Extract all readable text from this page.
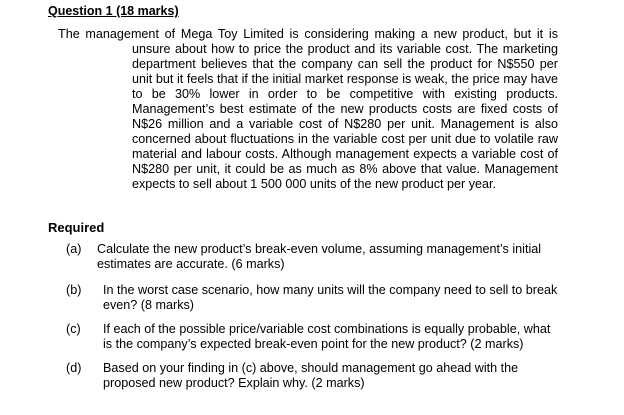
Question 1 (18 marks)
The management of Mega Toy Limited is considering making a new product, but it is
unsure about how to price the product and its variable cost. The marketing
department believes that the company can sell the product for N$550 per
unit but it feels that if the initial market response is weak, the price may have
to be 30% lower in order to be competitive with existing products.
Management’s best estimate of the new products costs are fixed costs of
N$26 million and a variable cost of N$280 per unit. Management is also
concerned about fluctuations in the variable cost per unit due to volatile raw
material and labour costs. Although management expects a variable cost of
N$280 per unit, it could be as much as 8% above that value. Management
expects to sell about 1 500 000 units of the new product per year.
Required
(a) Calculate the new product’s break-even volume, assuming management’s initial
estimates are accurate. (6 marks)
(b) In the worst case scenario, how many units will the company need to sell to break
even? (8 marks)
(c) If each of the possible price/variable cost combinations is equally probable, what
is the company’s expected break-even point for the new product? (2 marks)
(d) Based on your finding in (c) above, should management go ahead with the
proposed new product? Explain why. (2 marks)
